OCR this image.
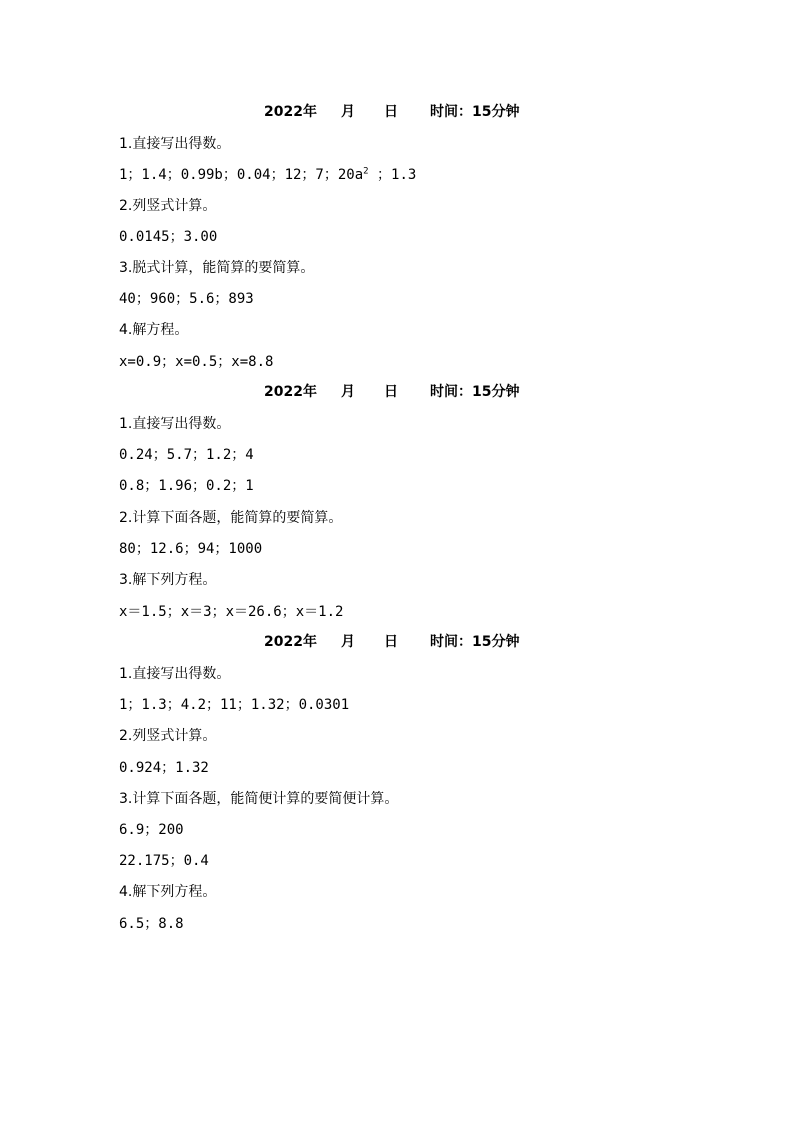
2022年 月 日 时间：15分钟
1.直接写出得数。
1；1.4；0.99b；0.04；12；7；$20a^2$ ；1.3
2.列竖式计算。
0.0145；3.00
3.脱式计算，能简算的要简算。
40；960；5.6；893
4.解方程。
x=0.9；x=0.5；x=8.8
2022年 月 日 时间：15分钟
1.直接写出得数。
0.24；5.7；1.2；4
0.8；1.96；0.2；1
2.计算下面各题，能简算的要简算。
80；12.6；94；1000
3.解下列方程。
x＝1.5；x＝3；x＝26.6；x＝1.2
2022年 月 日 时间：15分钟
1.直接写出得数。
1；1.3；4.2；11；1.32；0.0301
2.列竖式计算。
0.924；1.32
3.计算下面各题，能简便计算的要简便计算。
6.9；200
22.175；0.4
4.解下列方程。
6.5；8.8
